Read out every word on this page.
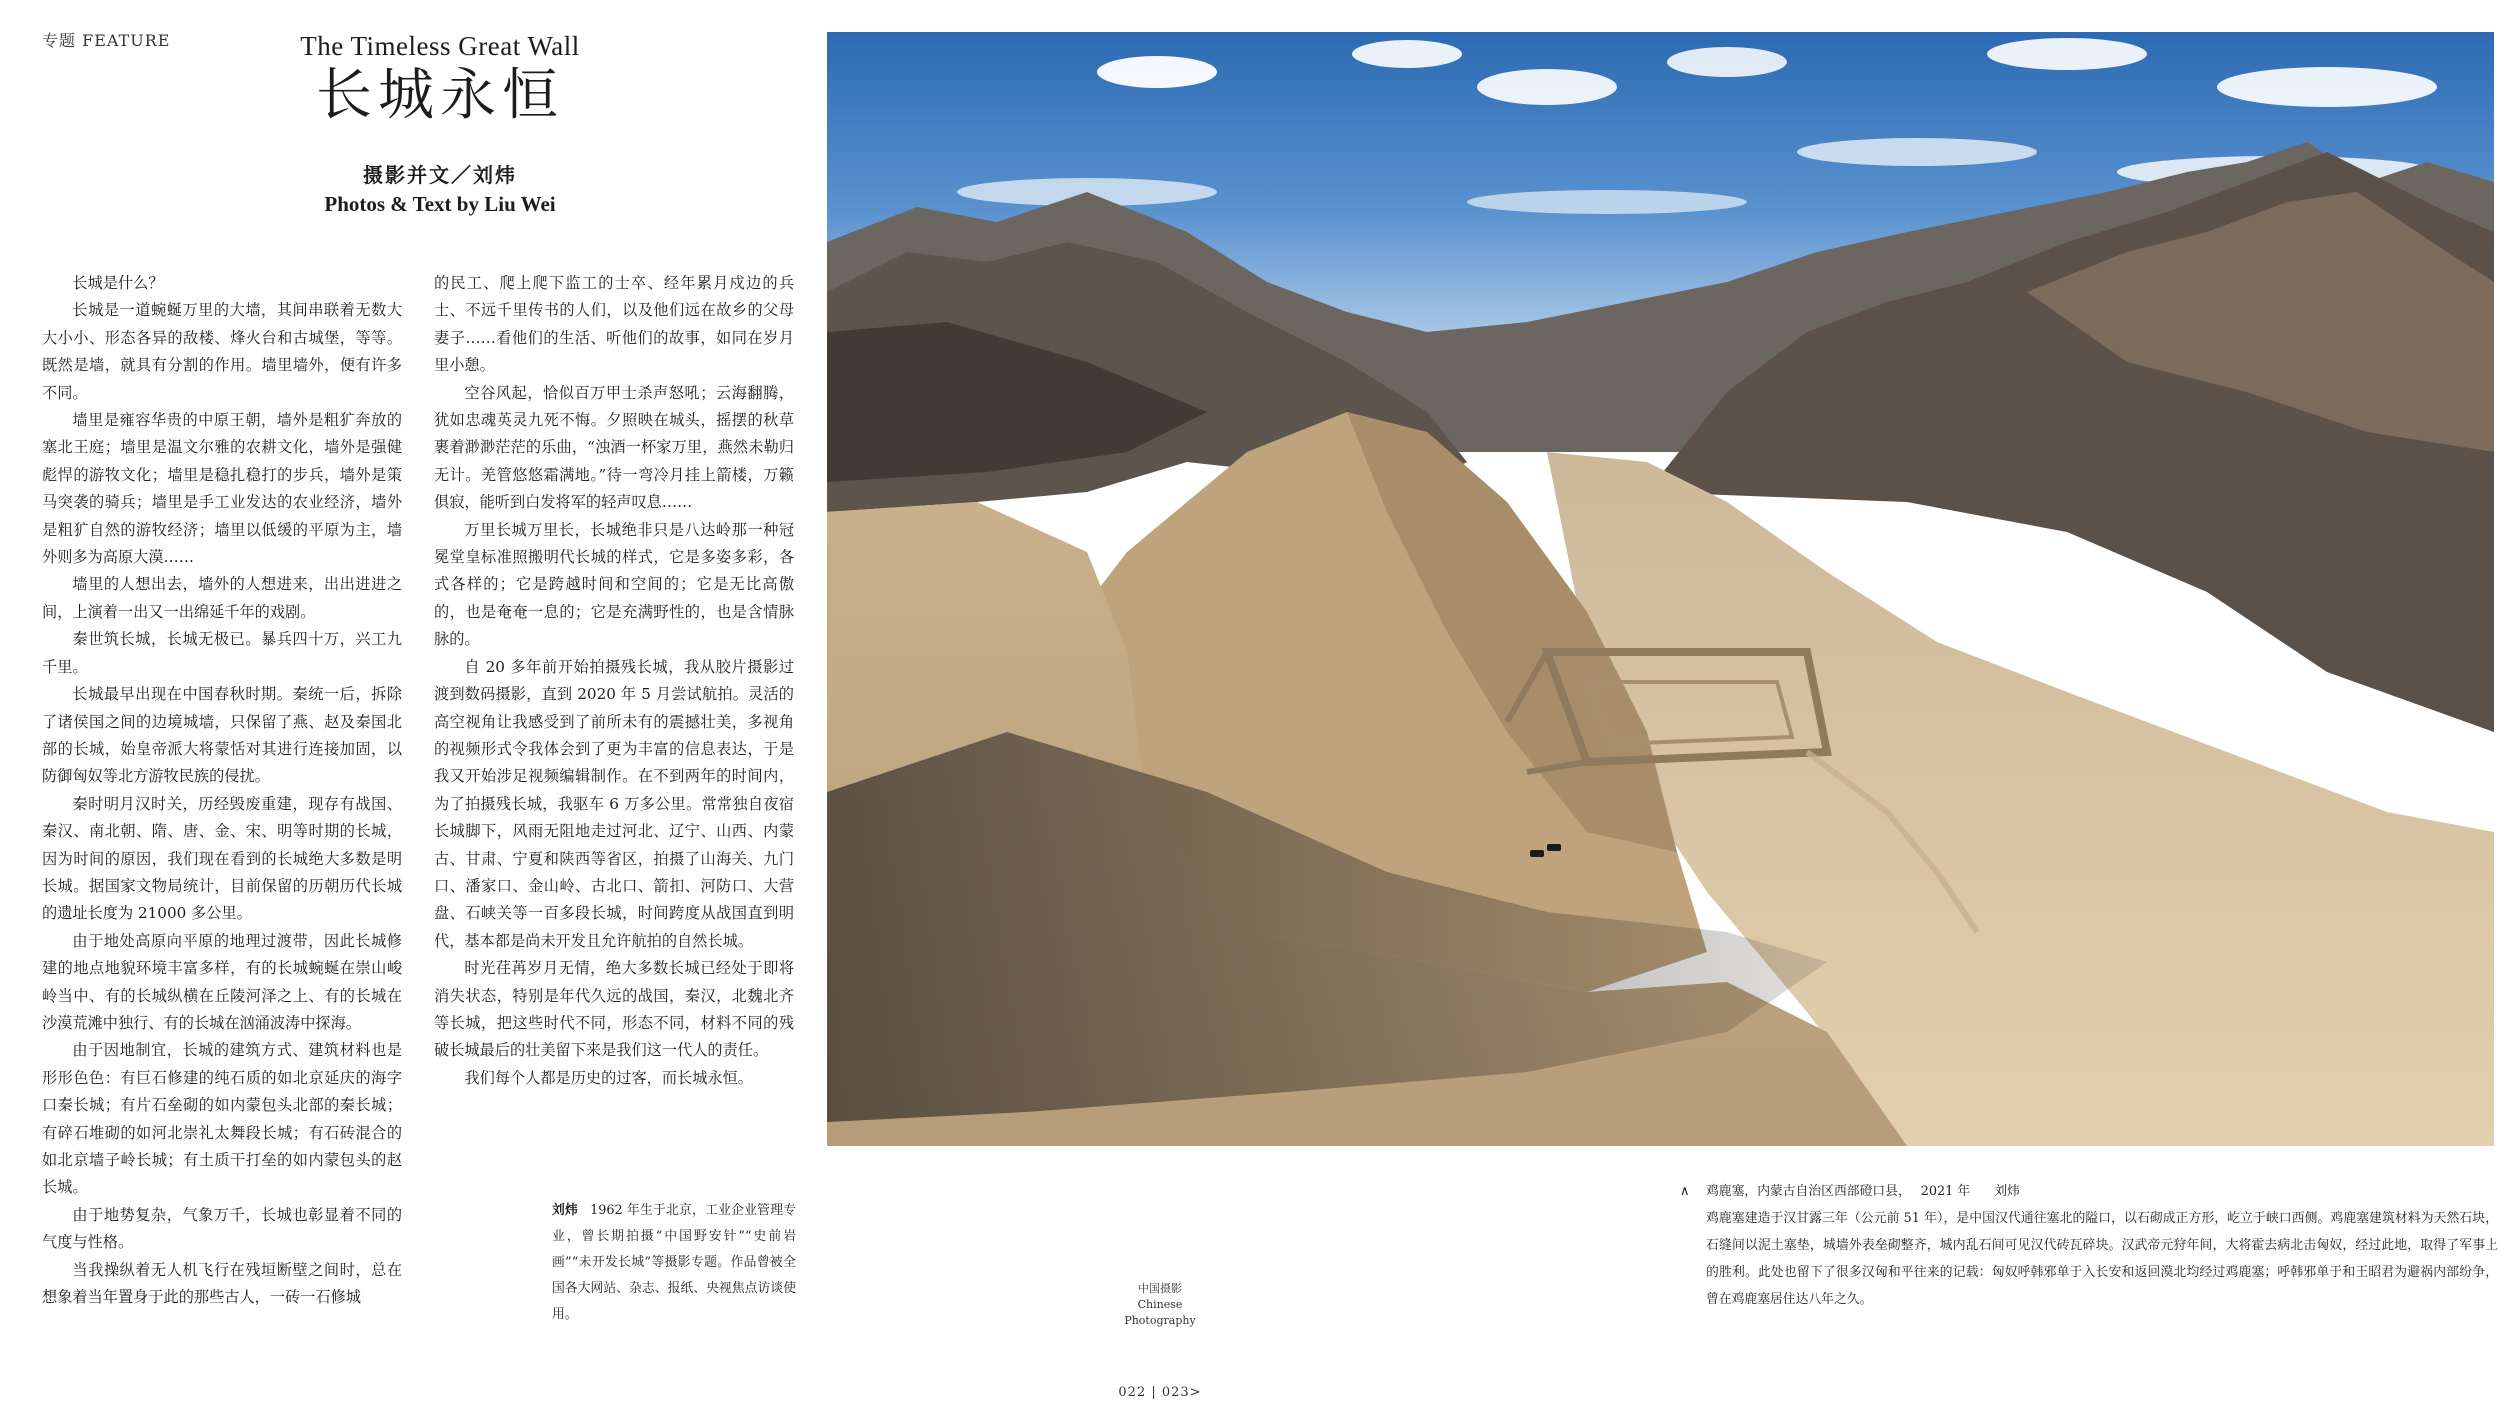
专题 FEATURE	The Timeless Great Wall
长城永恒
摄影并文／刘炜
Photos & Text by Liu Wei

长城是什么？

长城是一道蜿蜒万里的大墙，其间串联着无数大大小小、形态各异的敌楼、烽火台和古城堡，等等。既然是墙，就具有分割的作用。墙里墙外，便有许多不同。

墙里是雍容华贵的中原王朝，墙外是粗犷奔放的塞北王庭；墙里是温文尔雅的农耕文化，墙外是强健彪悍的游牧文化；墙里是稳扎稳打的步兵，墙外是策马突袭的骑兵；墙里是手工业发达的农业经济，墙外是粗犷自然的游牧经济；墙里以低缓的平原为主，墙外则多为高原大漠……

墙里的人想出去，墙外的人想进来，出出进进之间，上演着一出又一出绵延千年的戏剧。

秦世筑长城，长城无极已。暴兵四十万，兴工九千里。

长城最早出现在中国春秋时期。秦统一后，拆除了诸侯国之间的边境城墙，只保留了燕、赵及秦国北部的长城，始皇帝派大将蒙恬对其进行连接加固，以防御匈奴等北方游牧民族的侵扰。

秦时明月汉时关，历经毁废重建，现存有战国、秦汉、南北朝、隋、唐、金、宋、明等时期的长城，因为时间的原因，我们现在看到的长城绝大多数是明长城。据国家文物局统计，目前保留的历朝历代长城的遗址长度为 21000 多公里。

由于地处高原向平原的地理过渡带，因此长城修建的地点地貌环境丰富多样，有的长城蜿蜒在崇山峻岭当中、有的长城纵横在丘陵河泽之上、有的长城在沙漠荒滩中独行、有的长城在汹涌波涛中探海。

由于因地制宜，长城的建筑方式、建筑材料也是形形色色：有巨石修建的纯石质的如北京延庆的海字口秦长城；有片石垒砌的如内蒙包头北部的秦长城；有碎石堆砌的如河北崇礼太舞段长城；有石砖混合的如北京墙子岭长城；有土质干打垒的如内蒙包头的赵长城。

由于地势复杂，气象万千，长城也彰显着不同的气度与性格。

当我操纵着无人机飞行在残垣断壁之间时，总在想象着当年置身于此的那些古人，一砖一石修城

的民工、爬上爬下监工的士卒、经年累月戍边的兵士、不远千里传书的人们，以及他们远在故乡的父母妻子……看他们的生活、听他们的故事，如同在岁月里小憩。

空谷风起，恰似百万甲士杀声怒吼；云海翻腾，犹如忠魂英灵九死不悔。夕照映在城头，摇摆的秋草裹着渺渺茫茫的乐曲，“浊酒一杯家万里，燕然未勒归无计。羌管悠悠霜满地。”待一弯冷月挂上箭楼，万籁俱寂，能听到白发将军的轻声叹息……

万里长城万里长，长城绝非只是八达岭那一种冠冕堂皇标准照搬明代长城的样式，它是多姿多彩，各式各样的；它是跨越时间和空间的；它是无比高傲的，也是奄奄一息的；它是充满野性的，也是含情脉脉的。

自 20 多年前开始拍摄残长城，我从胶片摄影过渡到数码摄影，直到 2020 年 5 月尝试航拍。灵活的高空视角让我感受到了前所未有的震撼壮美，多视角的视频形式令我体会到了更为丰富的信息表达，于是我又开始涉足视频编辑制作。在不到两年的时间内，为了拍摄残长城，我驱车 6 万多公里。常常独自夜宿长城脚下，风雨无阻地走过河北、辽宁、山西、内蒙古、甘肃、宁夏和陕西等省区，拍摄了山海关、九门口、潘家口、金山岭、古北口、箭扣、河防口、大营盘、石峡关等一百多段长城，时间跨度从战国直到明代，基本都是尚未开发且允许航拍的自然长城。

时光荏苒岁月无情，绝大多数长城已经处于即将消失状态，特别是年代久远的战国，秦汉，北魏北齐等长城，把这些时代不同，形态不同，材料不同的残破长城最后的壮美留下来是我们这一代人的责任。

我们每个人都是历史的过客，而长城永恒。

刘炜 1962 年生于北京，工业企业管理专业，曾长期拍摄“中国野安针”“史前岩画”“未开发长城”等摄影专题。作品曾被全国各大网站、杂志、报纸、央视焦点访谈使用。
∧ 鸡鹿塞，内蒙古自治区西部磴口县， 2021 年 刘炜
鸡鹿塞建造于汉甘露三年（公元前 51 年），是中国汉代通往塞北的隘口，以石砌成正方形，屹立于峡口西侧。鸡鹿塞建筑材料为天然石块，石缝间以泥土塞垫，城墙外表垒砌整齐，城内乱石间可见汉代砖瓦碎块。汉武帝元狩年间，大将霍去病北击匈奴，经过此地，取得了军事上的胜利。此处也留下了很多汉匈和平往来的记载：匈奴呼韩邪单于入长安和返回漠北均经过鸡鹿塞；呼韩邪单于和王昭君为避祸内部纷争，曾在鸡鹿塞居住达八年之久。
中国摄影
Chinese
Photography
022 | 023>
